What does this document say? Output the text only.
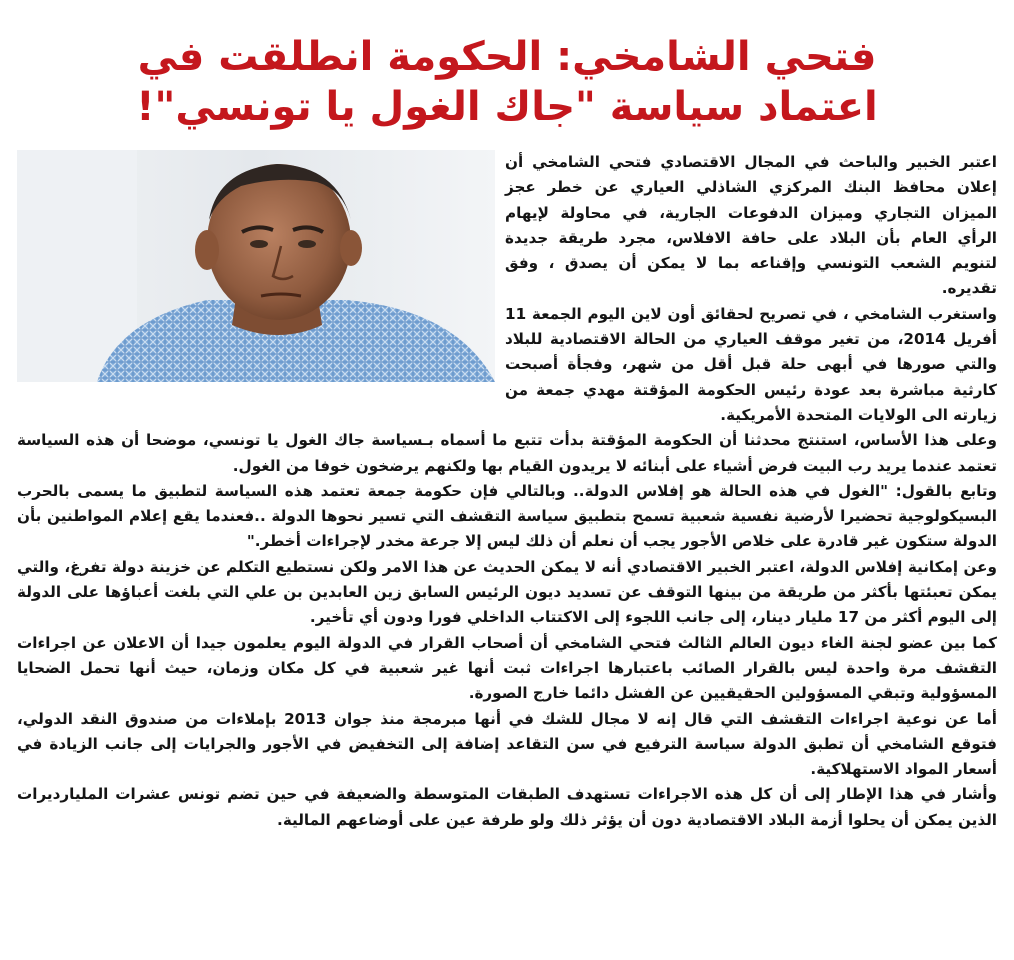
فتحي الشامخي: الحكومة انطلقت في
اعتماد سياسة "جاك الغول يا تونسي"!

اعتبر الخبير والباحث في المجال الاقتصادي فتحي الشامخي أن إعلان محافظ البنك المركزي الشاذلي العياري عن خطر عجز الميزان التجاري وميزان الدفوعات الجارية، في محاولة لإيهام الرأي العام بأن البلاد على حافة الافلاس، مجرد طريقة جديدة لتنويم الشعب التونسي وإقناعه بما لا يمكن أن يصدق ، وفق تقديره.

واستغرب الشامخي ، في تصريح لحقائق أون لاين اليوم الجمعة 11 أفريل 2014، من تغير موقف العياري من الحالة الاقتصادية للبلاد والتي صورها في أبهى حلة قبل أقل من شهر، وفجأة أصبحت كارثية مباشرة بعد عودة رئيس الحكومة المؤقتة مهدي جمعة من زيارته الى الولايات المتحدة الأمريكية.

وعلى هذا الأساس، استنتج محدثنا أن الحكومة المؤقتة بدأت تتبع ما أسماه بـسياسة جاك الغول يا تونسي، موضحا أن هذه السياسة تعتمد عندما يريد رب البيت فرض أشياء على أبنائه لا يريدون القيام بها ولكنهم يرضخون خوفا من الغول.

وتابع بالقول: "الغول في هذه الحالة هو إفلاس الدولة.. وبالتالي فإن حكومة جمعة تعتمد هذه السياسة لتطبيق ما يسمى بالحرب البسيكولوجية تحضيرا لأرضية نفسية شعبية تسمح بتطبيق سياسة التقشف التي تسير نحوها الدولة ..فعندما يقع إعلام المواطنين بأن الدولة ستكون غير قادرة على خلاص الأجور يجب أن نعلم أن ذلك ليس إلا جرعة مخدر لإجراءات أخطر."

وعن إمكانية إفلاس الدولة، اعتبر الخبير الاقتصادي أنه لا يمكن الحديث عن هذا الامر ولكن نستطيع التكلم عن خزينة دولة تفرغ، والتي يمكن تعبئتها بأكثر من طريقة من بينها التوقف عن تسديد ديون الرئيس السابق زين العابدين بن علي التي بلغت أعباؤها على الدولة إلى اليوم أكثر من 17 مليار دينار، إلى جانب اللجوء إلى الاكتتاب الداخلي فورا ودون أي تأخير.

كما بين عضو لجنة الغاء ديون العالم الثالث فتحي الشامخي أن أصحاب القرار في الدولة اليوم يعلمون جيدا أن الاعلان عن اجراءات التقشف مرة واحدة ليس بالقرار الصائب باعتبارها اجراءات ثبت أنها غير شعبية في كل مكان وزمان، حيث أنها تحمل الضحايا المسؤولية وتبقي المسؤولين الحقيقيين عن الفشل دائما خارج الصورة.

أما عن نوعية اجراءات التقشف التي قال إنه لا مجال للشك في أنها مبرمجة منذ جوان 2013 بإملاءات من صندوق النقد الدولي، فتوقع الشامخي أن تطبق الدولة سياسة الترفيع في سن التقاعد إضافة إلى التخفيض في الأجور والجرايات إلى جانب الزيادة في أسعار المواد الاستهلاكية.

وأشار في هذا الإطار إلى أن كل هذه الاجراءات تستهدف الطبقات المتوسطة والضعيفة في حين تضم تونس عشرات المليارديرات الذين يمكن أن يحلوا أزمة البلاد الاقتصادية دون أن يؤثر ذلك ولو طرفة عين على أوضاعهم المالية.
